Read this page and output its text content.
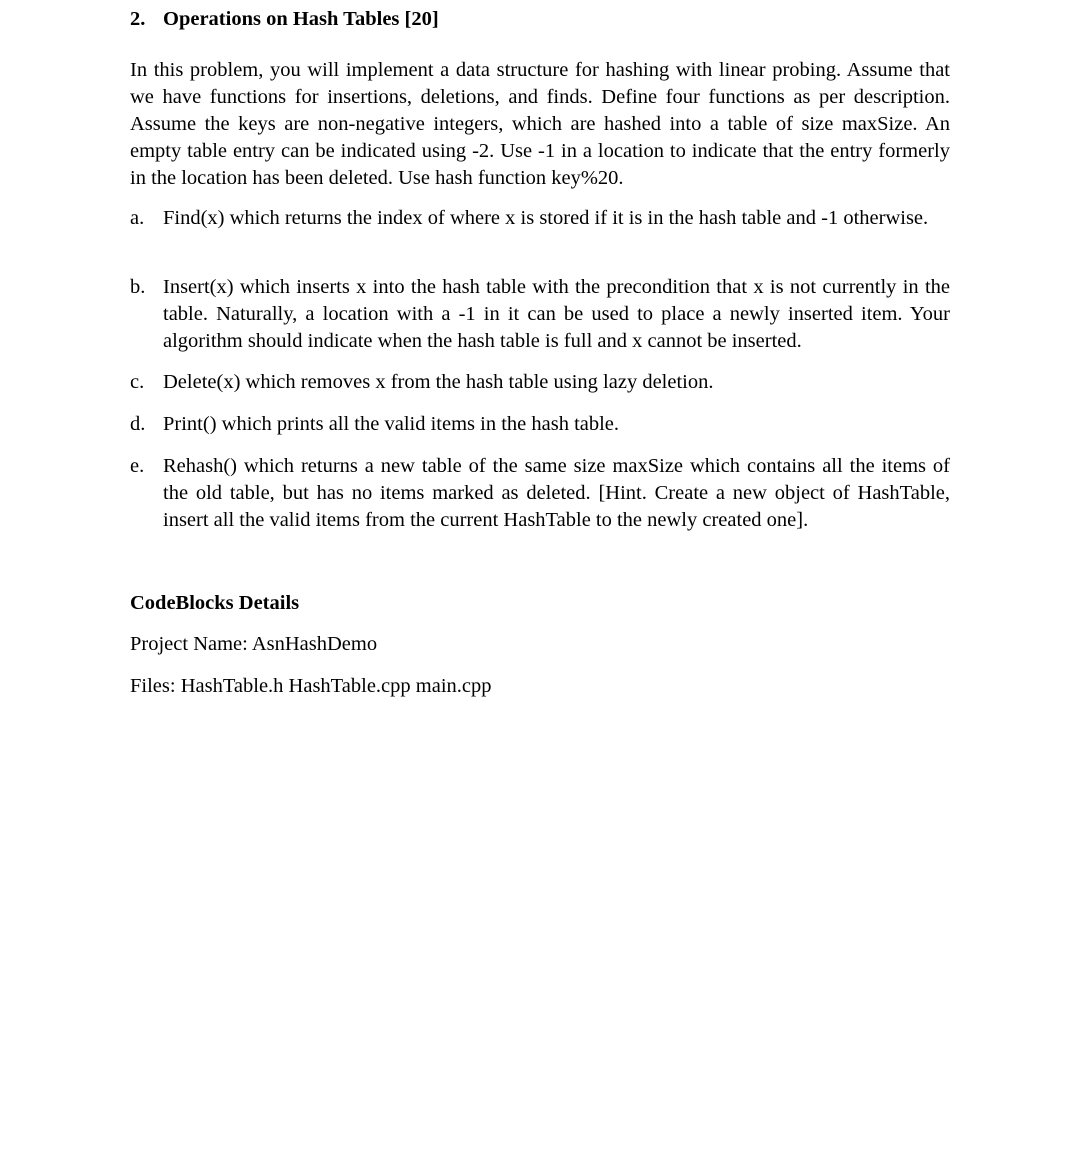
2. Operations on Hash Tables [20]

In this problem, you will implement a data structure for hashing with linear probing. Assume that we have functions for insertions, deletions, and finds. Define four functions as per description. Assume the keys are non-negative integers, which are hashed into a table of size maxSize. An empty table entry can be indicated using -2. Use -1 in a location to indicate that the entry formerly in the location has been deleted. Use hash function key%20.

a. Find(x) which returns the index of where x is stored if it is in the hash table and -1 otherwise.
b. Insert(x) which inserts x into the hash table with the precondition that x is not currently in the table. Naturally, a location with a -1 in it can be used to place a newly inserted item. Your algorithm should indicate when the hash table is full and x cannot be inserted.
c. Delete(x) which removes x from the hash table using lazy deletion.
d. Print() which prints all the valid items in the hash table.
e. Rehash() which returns a new table of the same size maxSize which contains all the items of the old table, but has no items marked as deleted. [Hint. Create a new object of HashTable, insert all the valid items from the current HashTable to the newly created one].
CodeBlocks Details
Project Name: AsnHashDemo
Files: HashTable.h HashTable.cpp main.cpp
